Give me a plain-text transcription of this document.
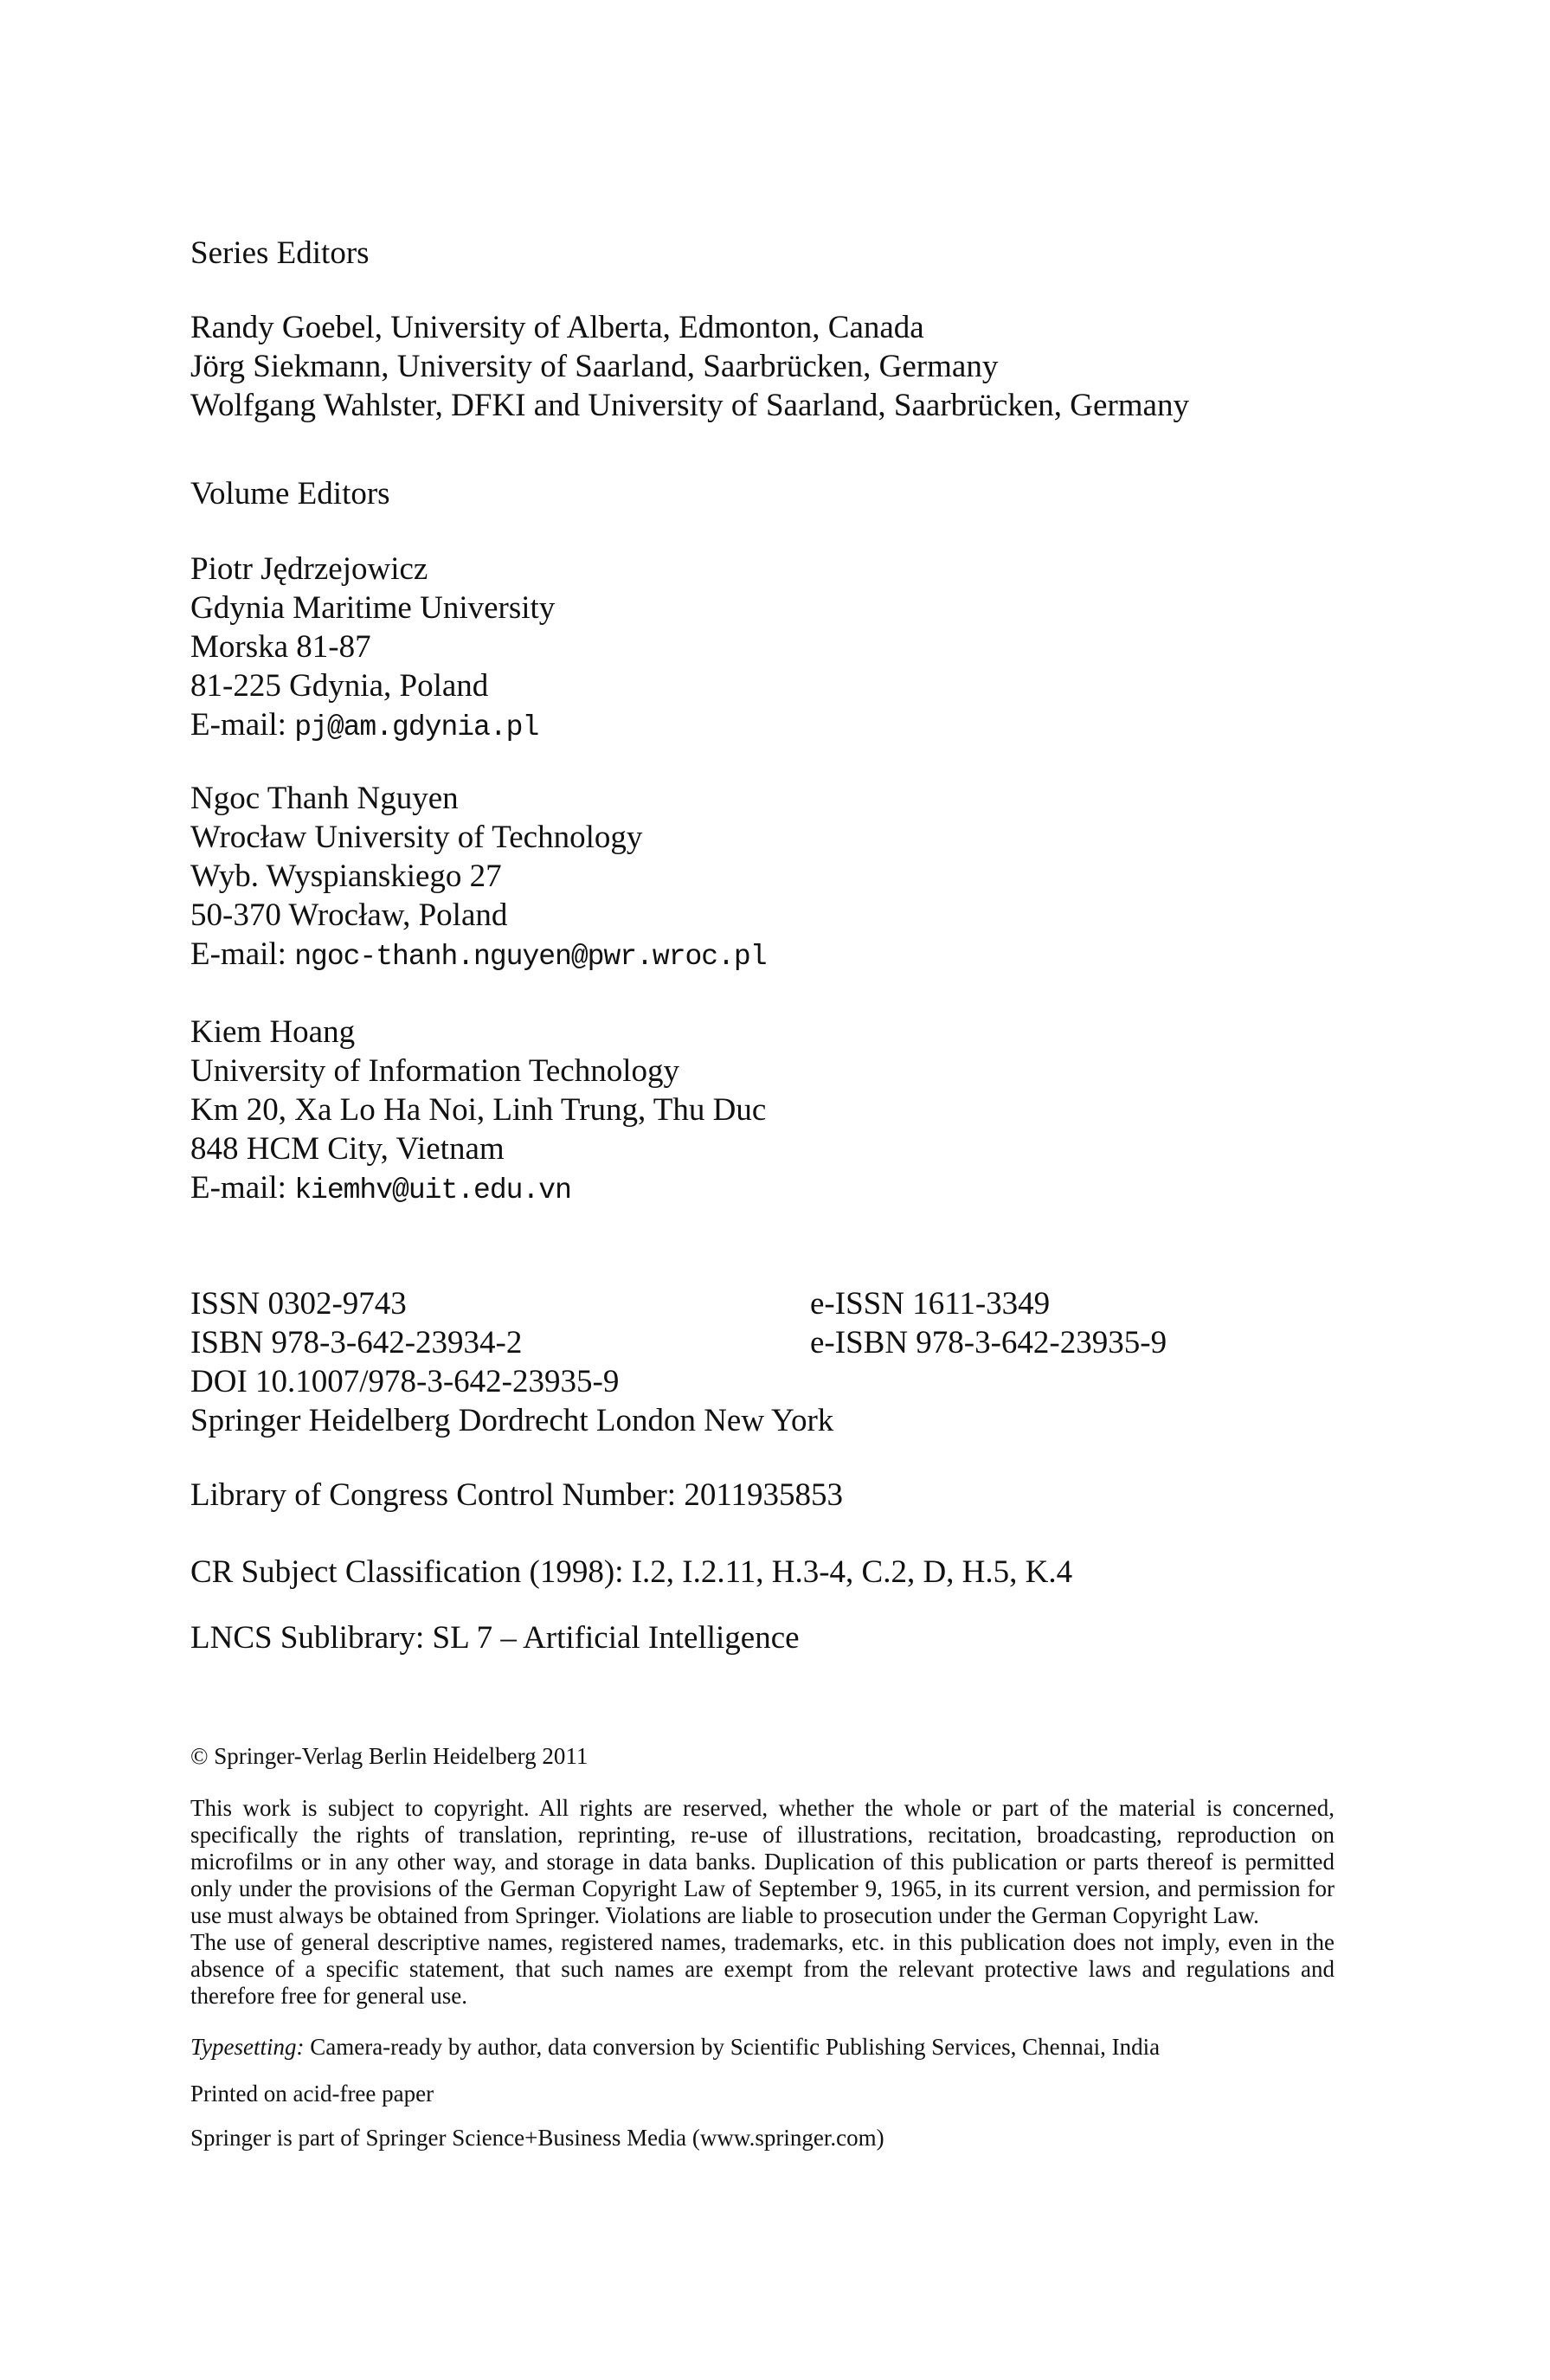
Series Editors
Randy Goebel, University of Alberta, Edmonton, Canada
Jörg Siekmann, University of Saarland, Saarbrücken, Germany
Wolfgang Wahlster, DFKI and University of Saarland, Saarbrücken, Germany
Volume Editors
Piotr Jędrzejowicz
Gdynia Maritime University
Morska 81-87
81-225 Gdynia, Poland
E-mail: pj@am.gdynia.pl
Ngoc Thanh Nguyen
Wrocław University of Technology
Wyb. Wyspianskiego 27
50-370 Wrocław, Poland
E-mail: ngoc-thanh.nguyen@pwr.wroc.pl
Kiem Hoang
University of Information Technology
Km 20, Xa Lo Ha Noi, Linh Trung, Thu Duc
848 HCM City, Vietnam
E-mail: kiemhv@uit.edu.vn
ISSN 0302-9743	e-ISSN 1611-3349
ISBN 978-3-642-23934-2	e-ISBN 978-3-642-23935-9
DOI 10.1007/978-3-642-23935-9
Springer Heidelberg Dordrecht London New York
Library of Congress Control Number: 2011935853
CR Subject Classification (1998): I.2, I.2.11, H.3-4, C.2, D, H.5, K.4
LNCS Sublibrary: SL 7 – Artificial Intelligence
© Springer-Verlag Berlin Heidelberg 2011

This work is subject to copyright. All rights are reserved, whether the whole or part of the material is concerned, specifically the rights of translation, reprinting, re-use of illustrations, recitation, broadcasting, reproduction on microfilms or in any other way, and storage in data banks. Duplication of this publication or parts thereof is permitted only under the provisions of the German Copyright Law of September 9, 1965, in its current version, and permission for use must always be obtained from Springer. Violations are liable to prosecution under the German Copyright Law.

The use of general descriptive names, registered names, trademarks, etc. in this publication does not imply, even in the absence of a specific statement, that such names are exempt from the relevant protective laws and regulations and therefore free for general use.

Typesetting: Camera-ready by author, data conversion by Scientific Publishing Services, Chennai, India
Printed on acid-free paper
Springer is part of Springer Science+Business Media (www.springer.com)
